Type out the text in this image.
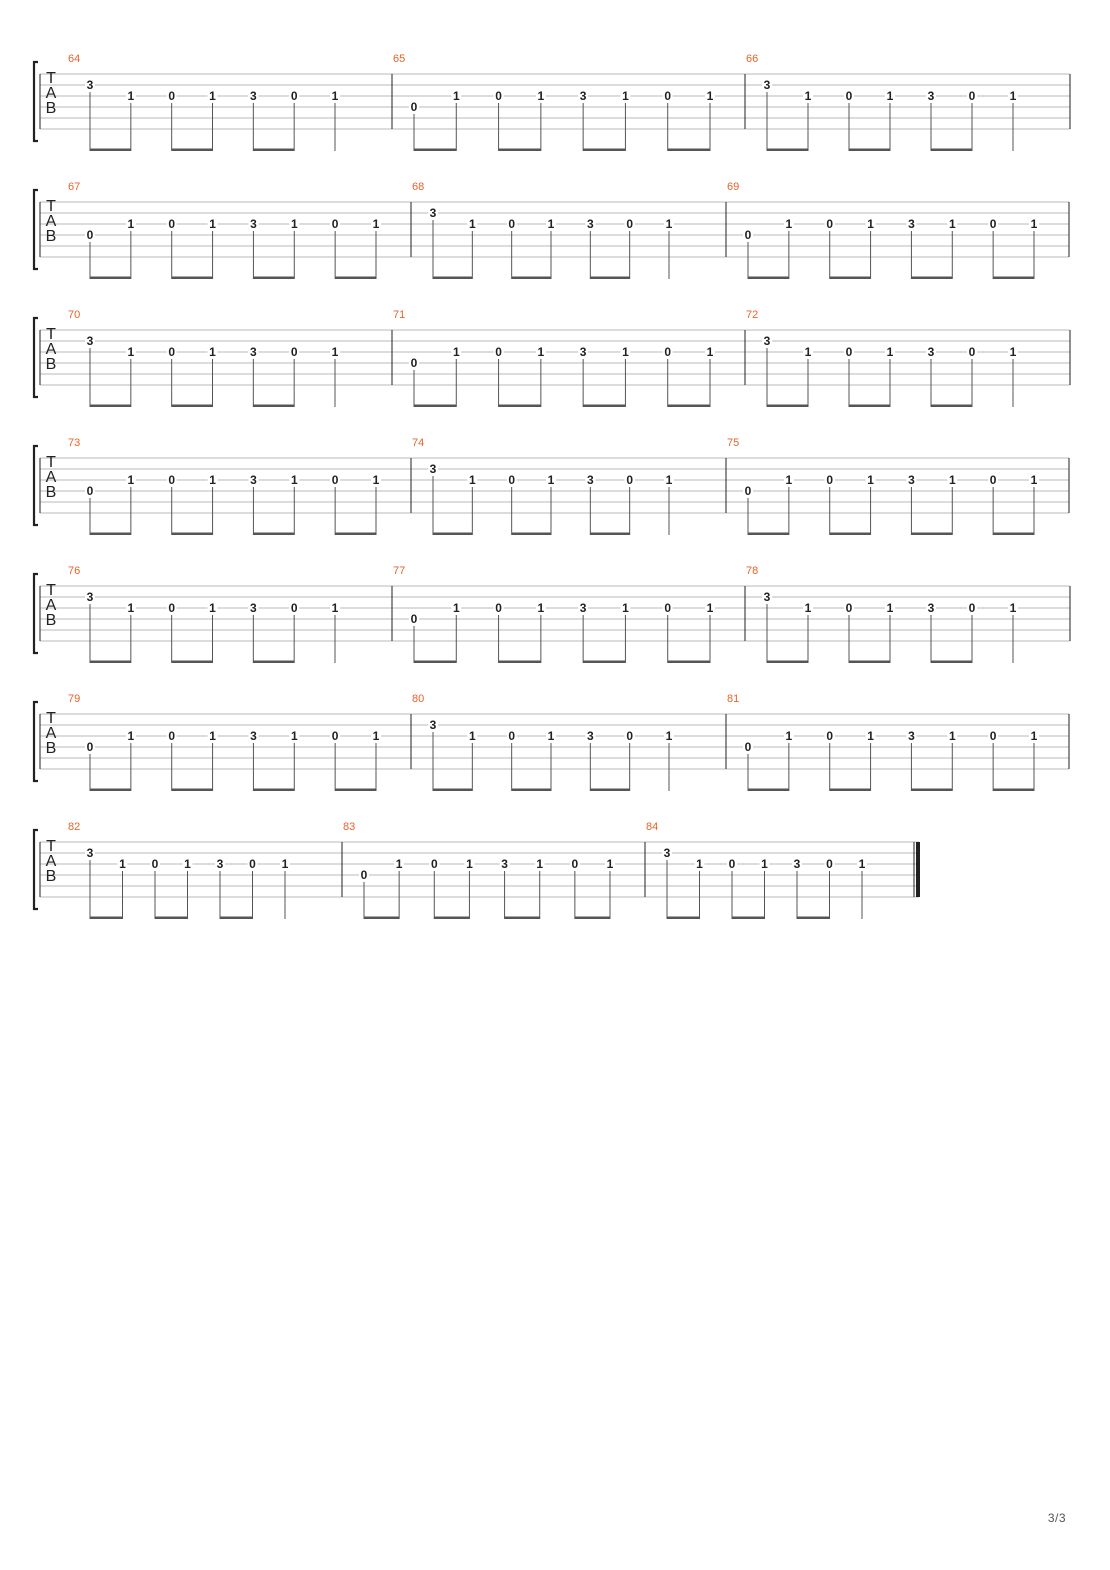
T
A
B
64
3
1	0	1	3	0	1
65
0
1	0	1	3	1	0	1
66
3
1	0	1	3	0	1
T
A
B
67
0
1	0	1	3	1	0	1
68
3
1	0	1	3	0	1
69
0
1	0	1	3	1	0	1
T
A
B
70
3
1	0	1	3	0	1
71
0
1	0	1	3	1	0	1
72
3
1	0	1	3	0	1
T
A
B
73
0
1	0	1	3	1	0	1
74
3
1	0	1	3	0	1
75
0
1	0	1	3	1	0	1
T
A
B
76
3
1	0	1	3	0	1
77
0
1	0	1	3	1	0	1
78
3
1	0	1	3	0	1
T
A
B
79
0
1	0	1	3	1	0	1
80
3
1	0	1	3	0	1
81
0
1	0	1	3	1	0	1
T
A
B
82
3
1 0 1 3 0 1
83
0
1 0 1 3 1 0 1
84
3
1 0 1 3 0 1
3/3
